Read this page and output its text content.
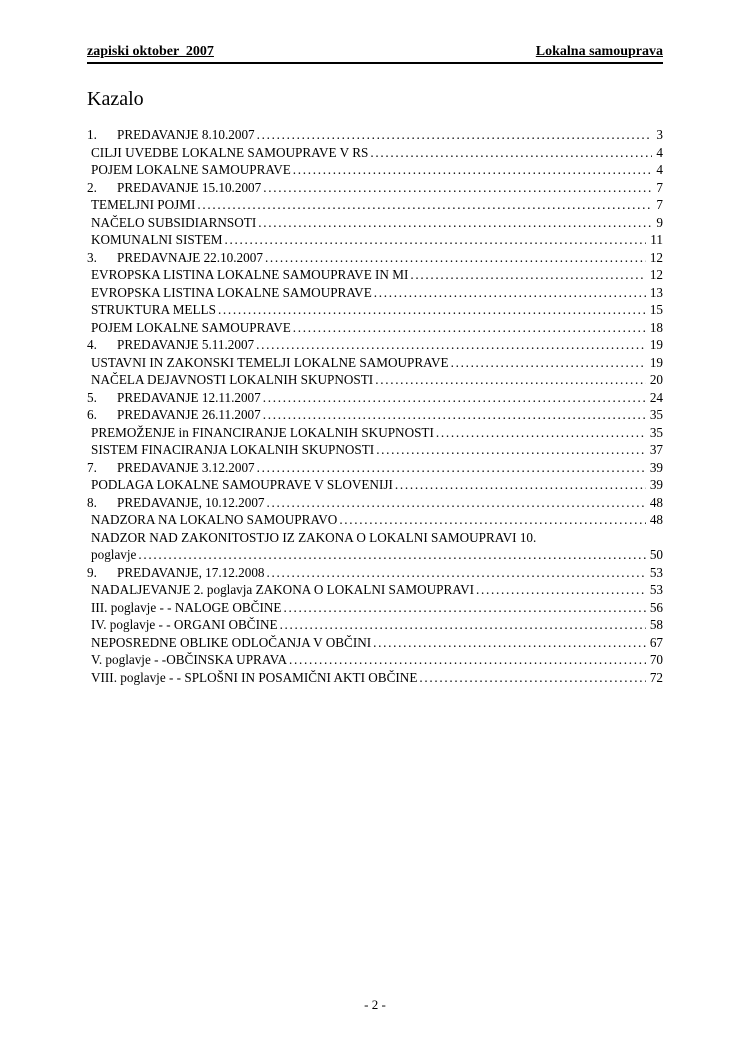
zapiski oktober  2007	Lokalna samouprava
Kazalo
1.	PREDAVANJE 8.10.2007 .....	3
CILJI UVEDBE LOKALNE SAMOUPRAVE V RS .....	4
POJEM LOKALNE SAMOUPRAVE .....	4
2.	PREDAVANJE 15.10.2007 .....	7
TEMELJNI POJMI .....	7
NAČELO SUBSIDIARNSOTI .....	9
KOMUNALNI SISTEM .....	11
3.	PREDAVNAJE 22.10.2007 .....	12
EVROPSKA LISTINA LOKALNE SAMOUPRAVE IN MI .....	12
EVROPSKA LISTINA LOKALNE SAMOUPRAVE .....	13
STRUKTURA MELLS .....	15
POJEM LOKALNE SAMOUPRAVE .....	18
4.	PREDAVANJE 5.11.2007 .....	19
USTAVNI IN ZAKONSKI TEMELJI LOKALNE SAMOUPRAVE .....	19
NAČELA DEJAVNOSTI LOKALNIH SKUPNOSTI .....	20
5.	PREDAVANJE 12.11.2007 .....	24
6.	PREDAVANJE 26.11.2007 .....	35
PREMOŽENJE in FINANCIRANJE LOKALNIH SKUPNOSTI .....	35
SISTEM FINACIRANJA LOKALNIH SKUPNOSTI .....	37
7.	PREDAVANJE 3.12.2007 .....	39
PODLAGA LOKALNE SAMOUPRAVE V SLOVENIJI .....	39
8.	PREDAVANJE, 10.12.2007 .....	48
NADZORA NA LOKALNO SAMOUPRAVO .....	48
NADZOR NAD ZAKONITOSTJO IZ ZAKONA O LOKALNI SAMOUPRAVI 10.
poglavje .....	50
9.	PREDAVANJE, 17.12.2008 .....	53
NADALJEVANJE 2. poglavja ZAKONA O LOKALNI SAMOUPRAVI .....	53
III. poglavje - - NALOGE OBČINE .....	56
IV. poglavje - - ORGANI OBČINE .....	58
NEPOSREDNE OBLIKE ODLOČANJA V OBČINI .....	67
V. poglavje - -OBČINSKA UPRAVA .....	70
VIII. poglavje - - SPLOŠNI IN POSAMIČNI AKTI OBČINE .....	72
- 2 -
